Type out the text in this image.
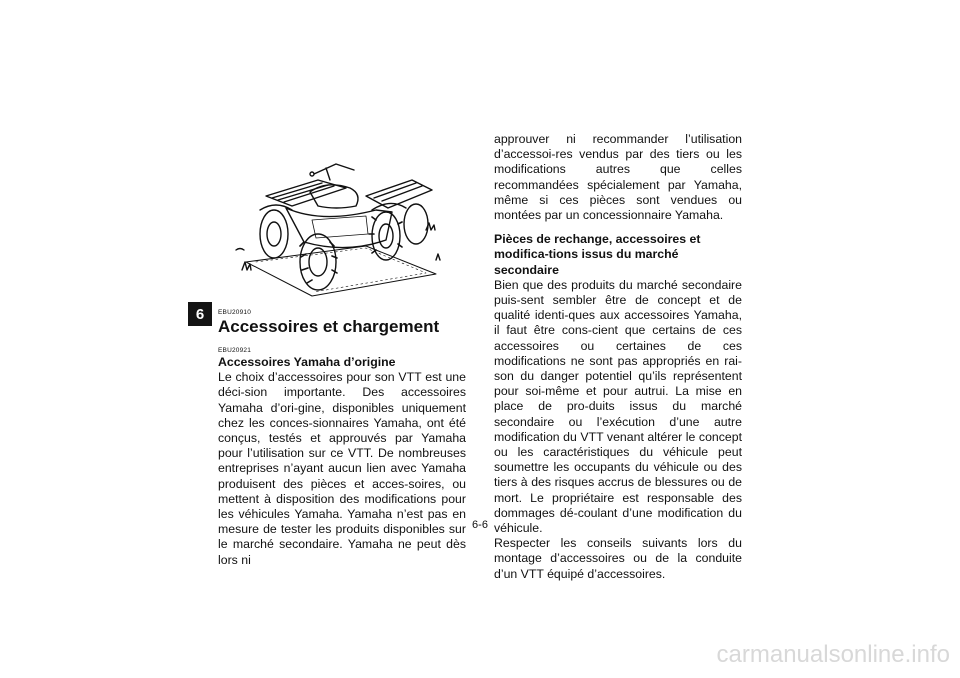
6	EBU20910

Accessoires et chargement

EBU20921

Accessoires Yamaha d’origine

Le choix d’accessoires pour son VTT est une déci-sion importante. Des accessoires Yamaha d’ori-gine, disponibles uniquement chez les conces-sionnaires Yamaha, ont été conçus, testés et approuvés par Yamaha pour l’utilisation sur ce VTT. De nombreuses entreprises n’ayant aucun lien avec Yamaha produisent des pièces et acces-soires, ou mettent à disposition des modifications pour les véhicules Yamaha. Yamaha n’est pas en mesure de tester les produits disponibles sur le marché secondaire. Yamaha ne peut dès lors ni

approuver ni recommander l’utilisation d’accessoi-res vendus par des tiers ou les modifications autres que celles recommandées spécialement par Yamaha, même si ces pièces sont vendues ou montées par un concessionnaire Yamaha.

Pièces de rechange, accessoires et modifica-tions issus du marché secondaire

Bien que des produits du marché secondaire puis-sent sembler être de concept et de qualité identi-ques aux accessoires Yamaha, il faut être cons-cient que certains de ces accessoires ou certaines de ces modifications ne sont pas appropriés en rai-son du danger potentiel qu’ils représentent pour soi-même et pour autrui. La mise en place de pro-duits issus du marché secondaire ou l’exécution d’une autre modification du VTT venant altérer le concept ou les caractéristiques du véhicule peut soumettre les occupants du véhicule ou des tiers à des risques accrus de blessures ou de mort. Le propriétaire est responsable des dommages dé-coulant d’une modification du véhicule.

Respecter les conseils suivants lors du montage d’accessoires ou de la conduite d’un VTT équipé d’accessoires.

6-6
carmanualsonline.info
